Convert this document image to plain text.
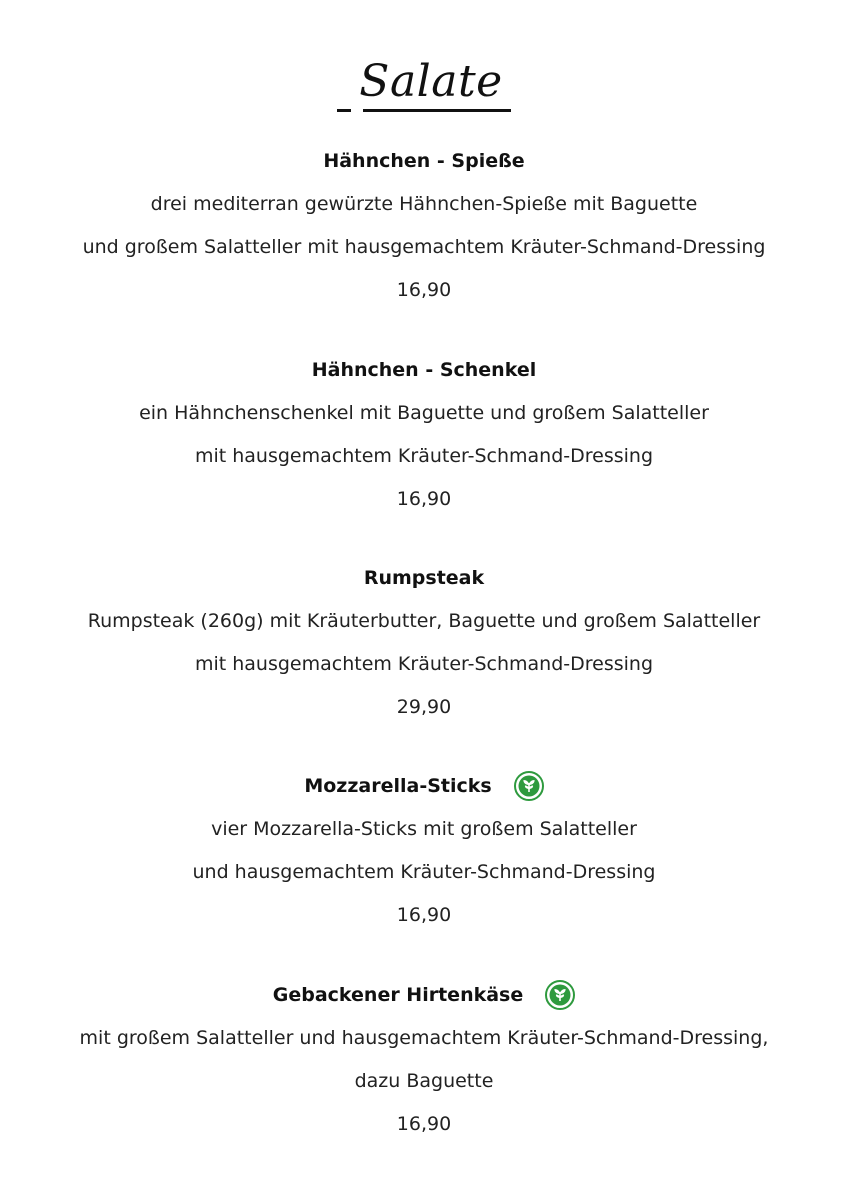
Salate
Hähnchen - Spieße
drei mediterran gewürzte Hähnchen-Spieße mit Baguette
und großem Salatteller mit hausgemachtem Kräuter-Schmand-Dressing
16,90
Hähnchen - Schenkel
ein Hähnchenschenkel mit Baguette und großem Salatteller
mit hausgemachtem Kräuter-Schmand-Dressing
16,90
Rumpsteak
Rumpsteak (260g) mit Kräuterbutter, Baguette und großem Salatteller
mit hausgemachtem Kräuter-Schmand-Dressing
29,90
Mozzarella-Sticks
vier Mozzarella-Sticks mit großem Salatteller
und hausgemachtem Kräuter-Schmand-Dressing
16,90
Gebackener Hirtenkäse
mit großem Salatteller und hausgemachtem Kräuter-Schmand-Dressing,
dazu Baguette
16,90
